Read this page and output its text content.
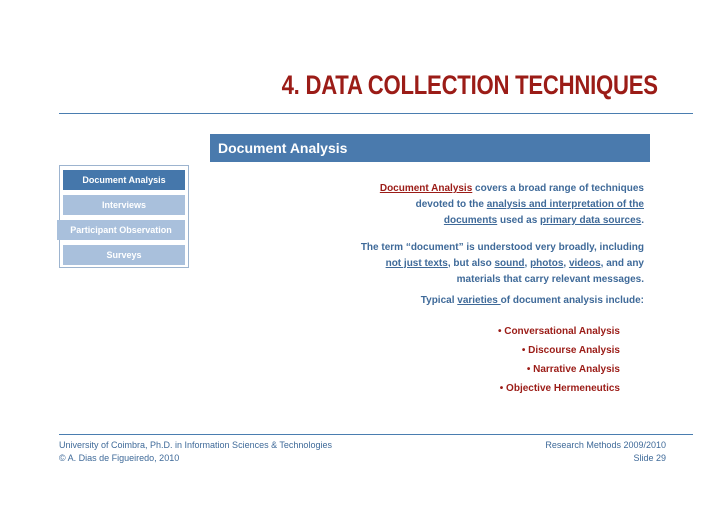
4. DATA COLLECTION TECHNIQUES
Document Analysis
Document Analysis
Interviews
Participant Observation
Surveys
Document Analysis covers a broad range of techniques
devoted to the analysis and interpretation of the
documents used as primary data sources.
The term “document” is understood very broadly, including
not just texts, but also sound, photos, videos, and any
materials that carry relevant messages.
Typical varieties of document analysis include:
• Conversational Analysis
• Discourse Analysis
• Narrative Analysis
• Objective Hermeneutics
University of Coimbra, Ph.D. in Information Sciences & Technologies
© A. Dias de Figueiredo, 2010
Research Methods 2009/2010
Slide 29
